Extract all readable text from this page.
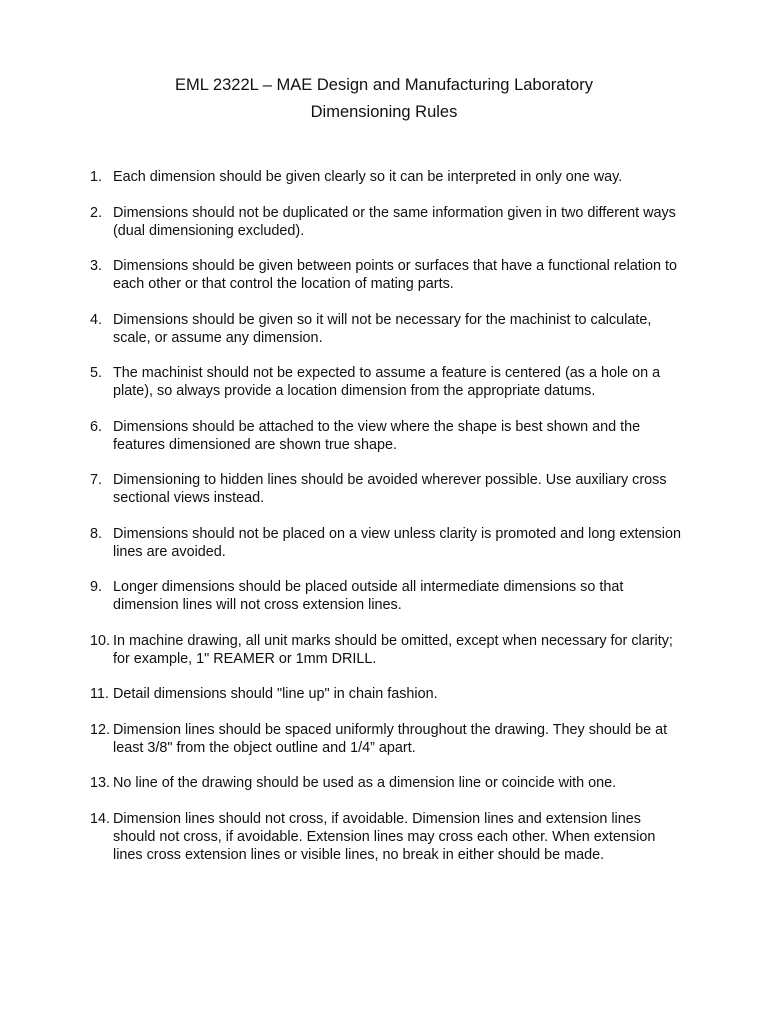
EML 2322L – MAE Design and Manufacturing Laboratory
Dimensioning Rules
1. Each dimension should be given clearly so it can be interpreted in only one way.
2. Dimensions should not be duplicated or the same information given in two different ways (dual dimensioning excluded).
3. Dimensions should be given between points or surfaces that have a functional relation to each other or that control the location of mating parts.
4. Dimensions should be given so it will not be necessary for the machinist to calculate, scale, or assume any dimension.
5. The machinist should not be expected to assume a feature is centered (as a hole on a plate), so always provide a location dimension from the appropriate datums.
6. Dimensions should be attached to the view where the shape is best shown and the features dimensioned are shown true shape.
7. Dimensioning to hidden lines should be avoided wherever possible. Use auxiliary cross sectional views instead.
8. Dimensions should not be placed on a view unless clarity is promoted and long extension lines are avoided.
9. Longer dimensions should be placed outside all intermediate dimensions so that dimension lines will not cross extension lines.
10. In machine drawing, all unit marks should be omitted, except when necessary for clarity; for example, 1" REAMER or 1mm DRILL.
11. Detail dimensions should "line up" in chain fashion.
12. Dimension lines should be spaced uniformly throughout the drawing. They should be at least 3/8" from the object outline and 1/4” apart.
13. No line of the drawing should be used as a dimension line or coincide with one.
14. Dimension lines should not cross, if avoidable. Dimension lines and extension lines should not cross, if avoidable. Extension lines may cross each other. When extension lines cross extension lines or visible lines, no break in either should be made.
